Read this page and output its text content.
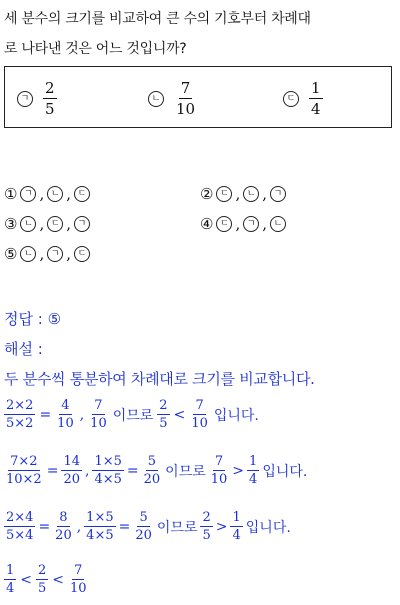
세 분수의 크기를 비교하여 큰 수의 기호부터 차례대
로 나타낸 것은 어느 것입니까?
ㄱ $\frac{2}{5}$	ㄴ $\frac{7}{10}$	ㄷ $\frac{1}{4}$
① ㄱ , ㄴ , ㄷ	② ㄷ , ㄴ , ㄱ
③ ㄴ , ㄷ , ㄱ	④ ㄷ , ㄱ , ㄴ
⑤ ㄴ , ㄱ , ㄷ
정답 : ⑤
해설 :
두 분수씩 통분하여 차례대로 크기를 비교합니다.
$\frac{2\times 2}{5\times 2} = \frac{4}{10}$ , $\frac{7}{10}$ 이므로 $\frac{2}{5} < \frac{7}{10}$ 입니다.
$\frac{7\times 2}{10\times 2} = \frac{14}{20}$ , $\frac{1\times 5}{4\times 5} = \frac{5}{20}$ 이므로 $\frac{7}{10} > \frac{1}{4}$ 입니다.
$\frac{2\times 4}{5\times 4} = \frac{8}{20}$ , $\frac{1\times 5}{4\times 5} = \frac{5}{20}$ 이므로 $\frac{2}{5} > \frac{1}{4}$ 입니다.
$\frac{1}{4} < \frac{2}{5} < \frac{7}{10}$
